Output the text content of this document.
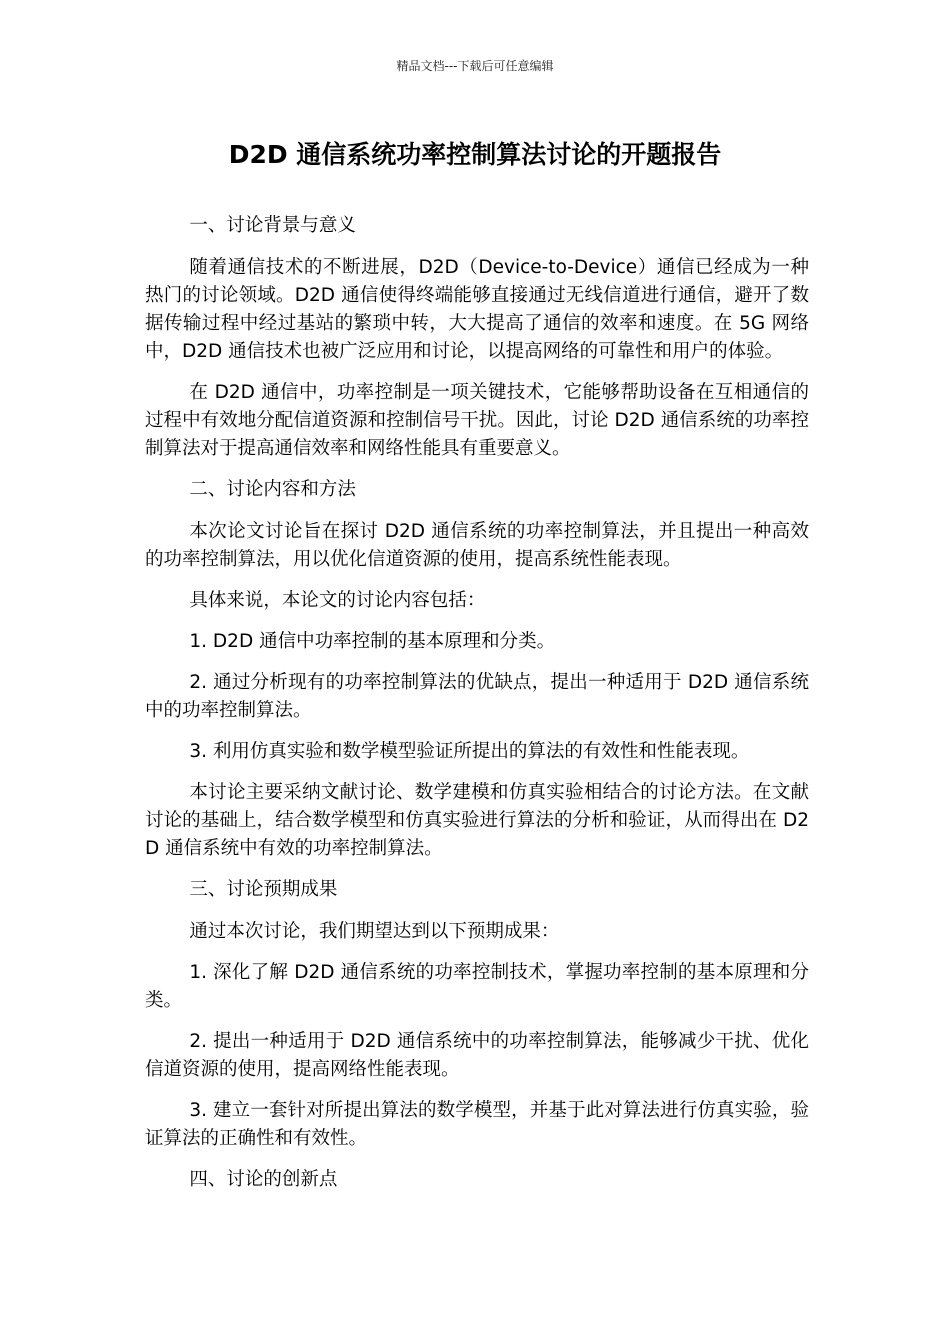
精品文档---下载后可任意编辑
D2D 通信系统功率控制算法讨论的开题报告

一、讨论背景与意义

随着通信技术的不断进展，D2D（Device-to-Device）通信已经成为一种热门的讨论领域。D2D 通信使得终端能够直接通过无线信道进行通信，避开了数据传输过程中经过基站的繁琐中转，大大提高了通信的效率和速度。在 5G 网络中，D2D 通信技术也被广泛应用和讨论，以提高网络的可靠性和用户的体验。

在 D2D 通信中，功率控制是一项关键技术，它能够帮助设备在互相通信的过程中有效地分配信道资源和控制信号干扰。因此，讨论 D2D 通信系统的功率控制算法对于提高通信效率和网络性能具有重要意义。

二、讨论内容和方法

本次论文讨论旨在探讨 D2D 通信系统的功率控制算法，并且提出一种高效的功率控制算法，用以优化信道资源的使用，提高系统性能表现。

具体来说，本论文的讨论内容包括：

1. D2D 通信中功率控制的基本原理和分类。

2. 通过分析现有的功率控制算法的优缺点，提出一种适用于 D2D 通信系统中的功率控制算法。

3. 利用仿真实验和数学模型验证所提出的算法的有效性和性能表现。

本讨论主要采纳文献讨论、数学建模和仿真实验相结合的讨论方法。在文献讨论的基础上，结合数学模型和仿真实验进行算法的分析和验证，从而得出在 D2D 通信系统中有效的功率控制算法。

三、讨论预期成果

通过本次讨论，我们期望达到以下预期成果：

1. 深化了解 D2D 通信系统的功率控制技术，掌握功率控制的基本原理和分类。

2. 提出一种适用于 D2D 通信系统中的功率控制算法，能够减少干扰、优化信道资源的使用，提高网络性能表现。

3. 建立一套针对所提出算法的数学模型，并基于此对算法进行仿真实验，验证算法的正确性和有效性。

四、讨论的创新点
